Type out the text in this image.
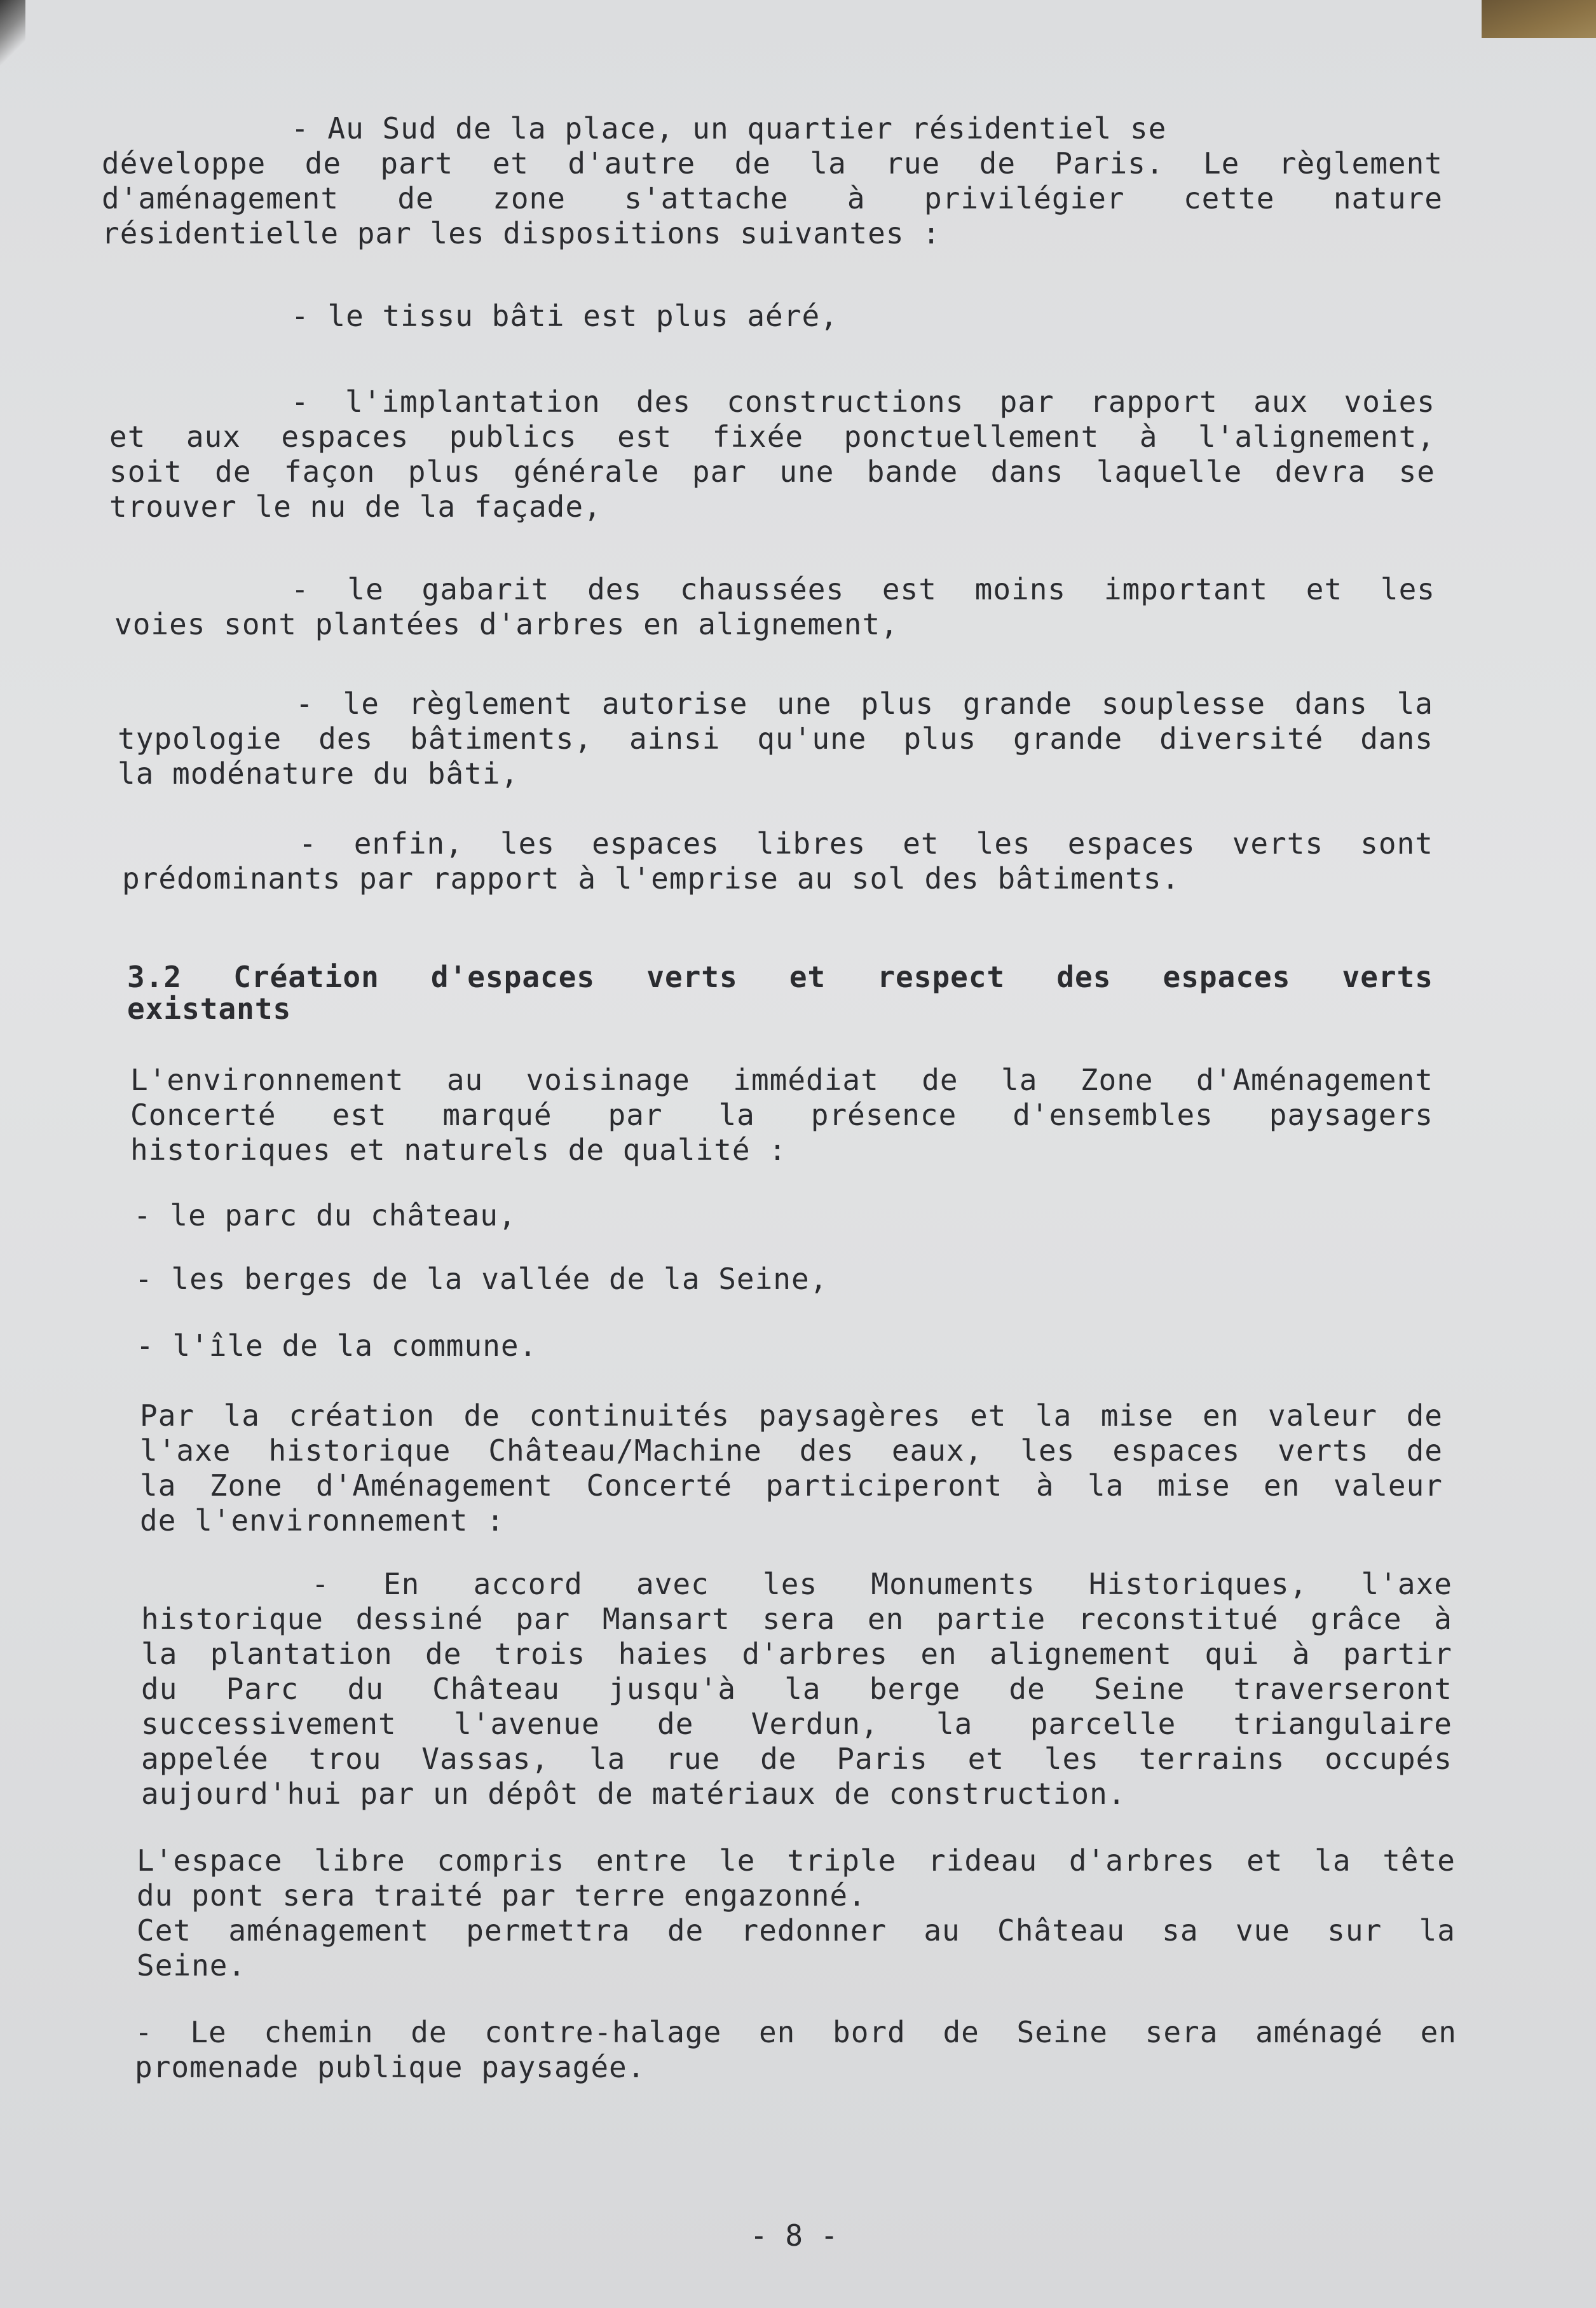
- Au Sud de la place, un quartier résidentiel se
développe de part et d'autre de la rue de Paris. Le règlement
d'aménagement de zone s'attache à privilégier cette nature
résidentielle par les dispositions suivantes :
- le tissu bâti est plus aéré,
- l'implantation des constructions par rapport aux voies
et aux espaces publics est fixée ponctuellement à l'alignement,
soit de façon plus générale par une bande dans laquelle devra se
trouver le nu de la façade,
- le gabarit des chaussées est moins important et les
voies sont plantées d'arbres en alignement,
- le règlement autorise une plus grande souplesse dans la
typologie des bâtiments, ainsi qu'une plus grande diversité dans
la modénature du bâti,
- enfin, les espaces libres et les espaces verts sont
prédominants par rapport à l'emprise au sol des bâtiments.
3.2 Création d'espaces verts et respect des espaces verts
existants
L'environnement au voisinage immédiat de la Zone d'Aménagement
Concerté est marqué par la présence d'ensembles paysagers
historiques et naturels de qualité :
- le parc du château,
- les berges de la vallée de la Seine,
- l'île de la commune.
Par la création de continuités paysagères et la mise en valeur de
l'axe historique Château/Machine des eaux, les espaces verts de
la Zone d'Aménagement Concerté participeront à la mise en valeur
de l'environnement :
- En accord avec les Monuments Historiques, l'axe
historique dessiné par Mansart sera en partie reconstitué grâce à
la plantation de trois haies d'arbres en alignement qui à partir
du Parc du Château jusqu'à la berge de Seine traverseront
successivement l'avenue de Verdun, la parcelle triangulaire
appelée trou Vassas, la rue de Paris et les terrains occupés
aujourd'hui par un dépôt de matériaux de construction.
L'espace libre compris entre le triple rideau d'arbres et la tête
du pont sera traité par terre engazonné.
Cet aménagement permettra de redonner au Château sa vue sur la
Seine.
- Le chemin de contre-halage en bord de Seine sera aménagé en
promenade publique paysagée.
- 8 -
